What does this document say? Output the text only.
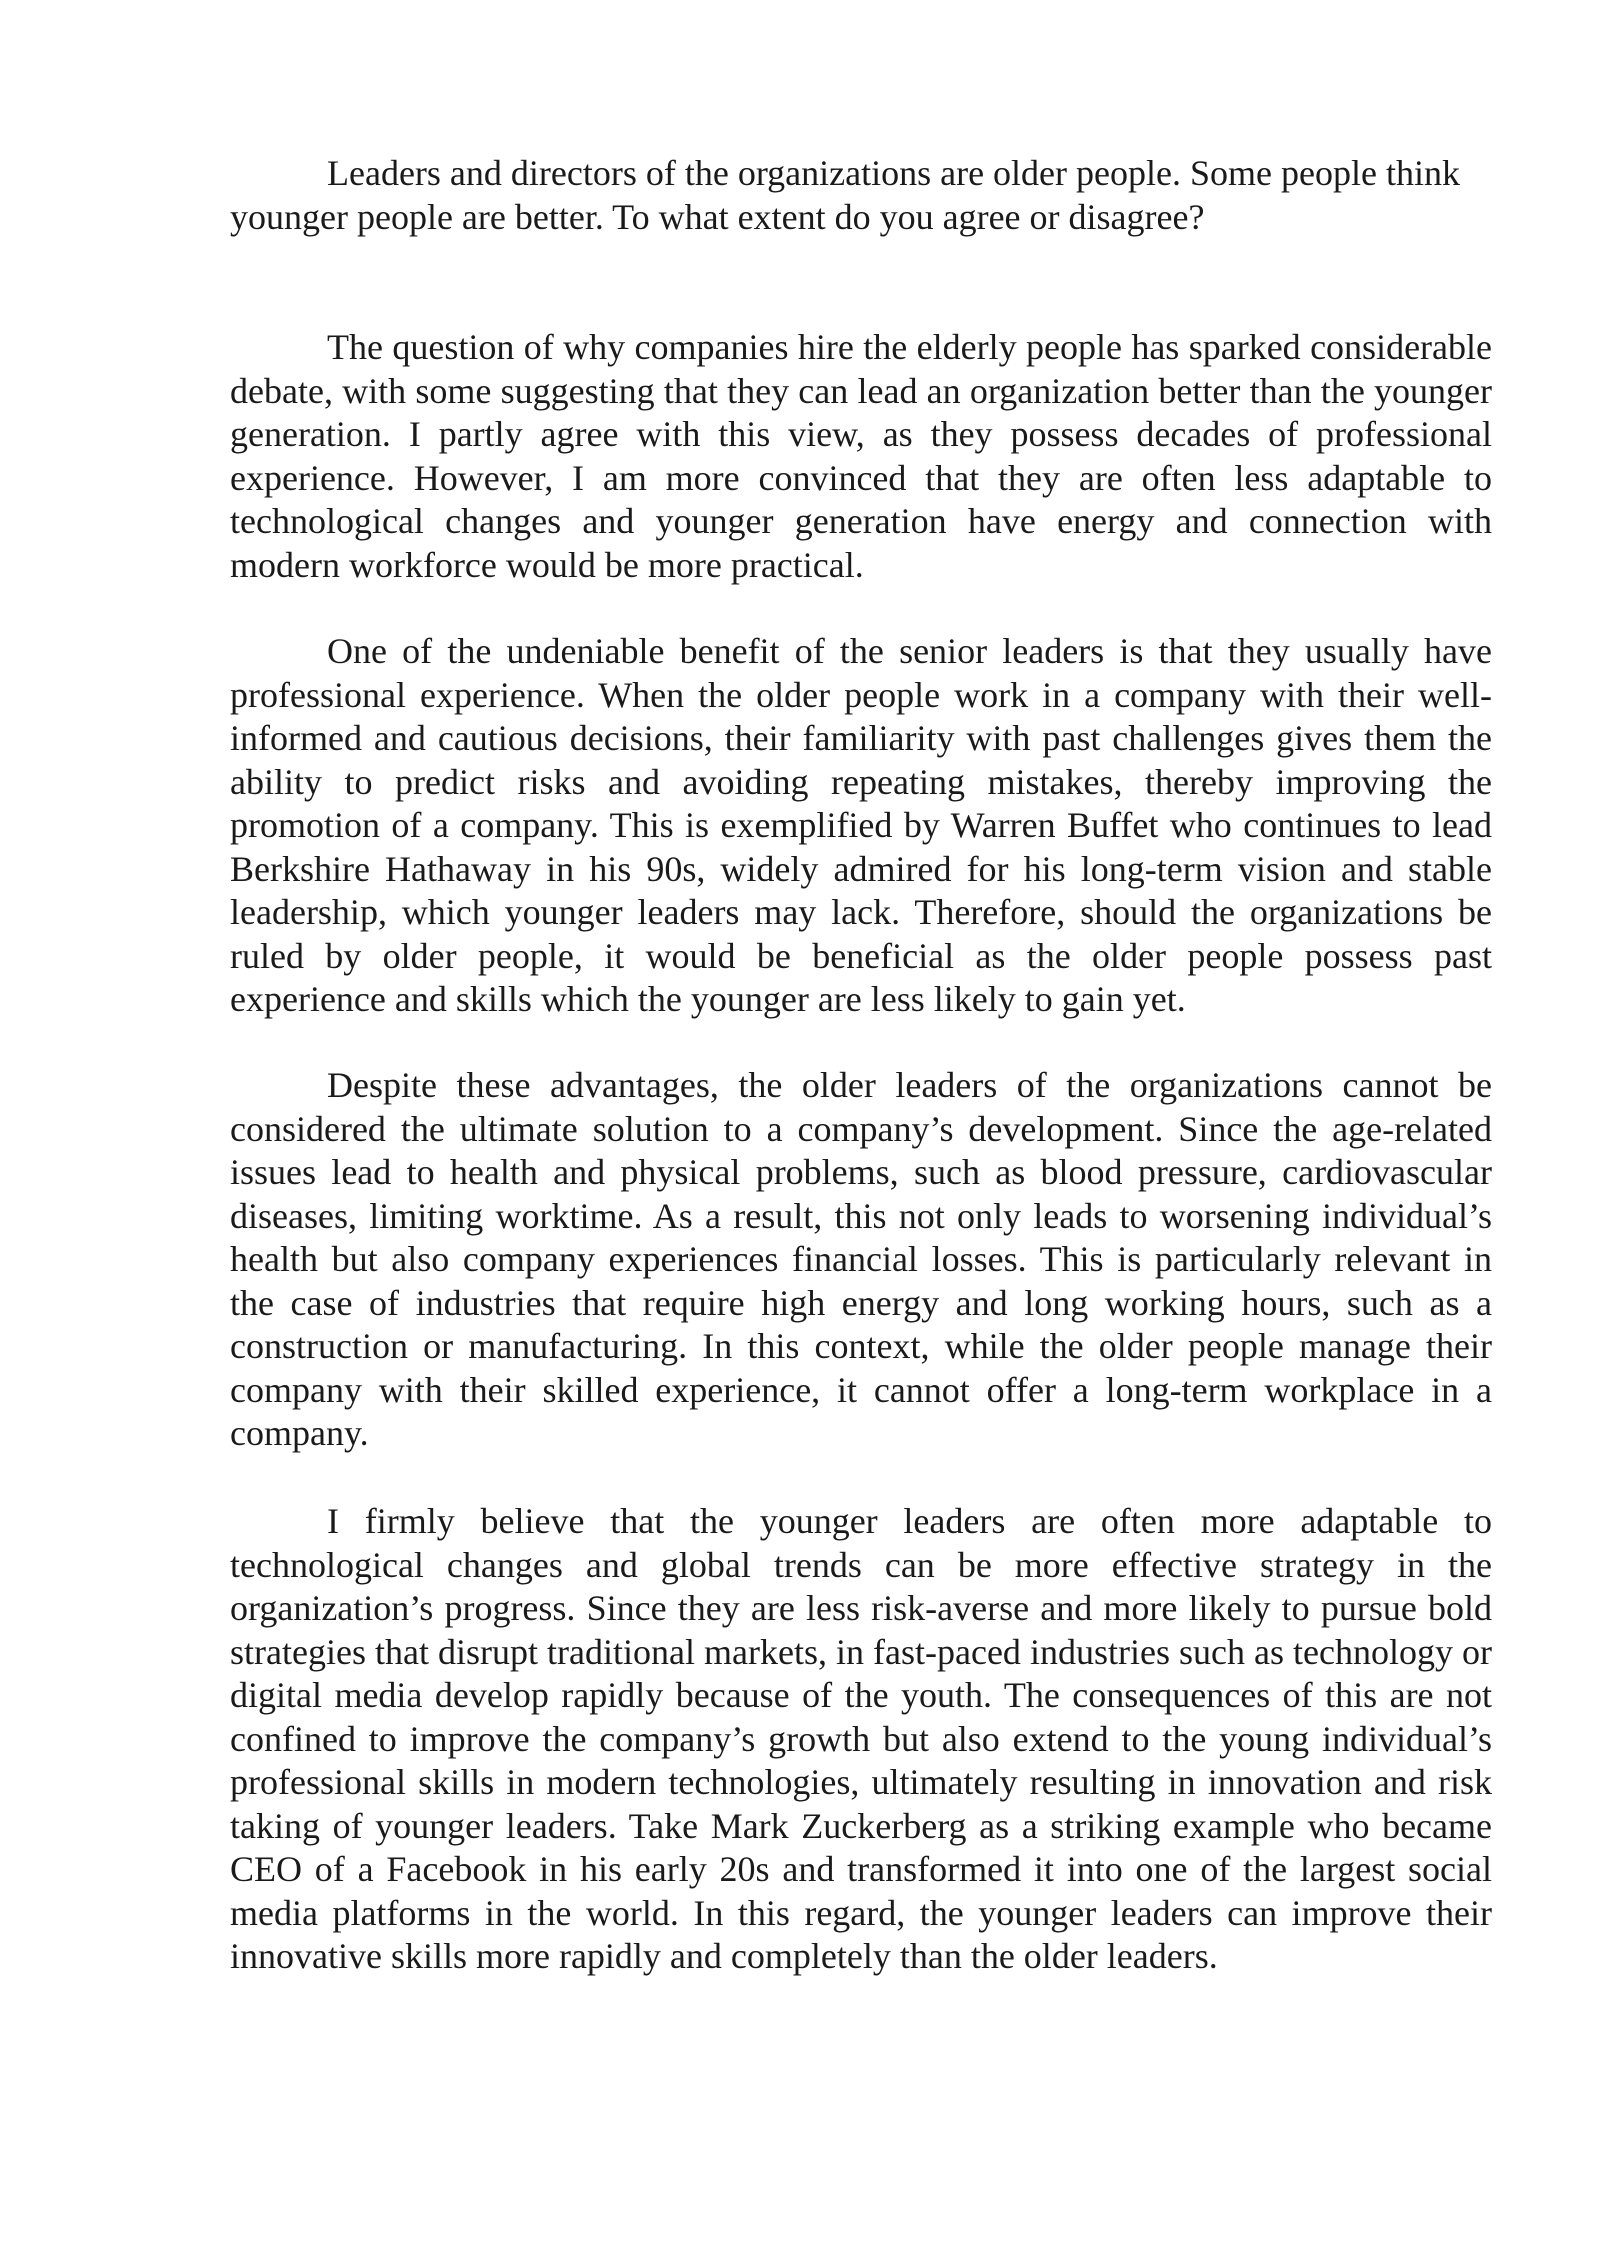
Leaders and directors of the organizations are older people. Some people think younger people are better. To what extent do you agree or disagree?

The question of why companies hire the elderly people has sparked considerable debate, with some suggesting that they can lead an organization better than the younger generation. I partly agree with this view, as they possess decades of professional experience. However, I am more convinced that they are often less adaptable to technological changes and younger generation have energy and connection with modern workforce would be more practical.

One of the undeniable benefit of the senior leaders is that they usually have professional experience. When the older people work in a company with their well-informed and cautious decisions, their familiarity with past challenges gives them the ability to predict risks and avoiding repeating mistakes, thereby improving the promotion of a company. This is exemplified by Warren Buffet who continues to lead Berkshire Hathaway in his 90s, widely admired for his long-term vision and stable leadership, which younger leaders may lack. Therefore, should the organizations be ruled by older people, it would be beneficial as the older people possess past experience and skills which the younger are less likely to gain yet.

Despite these advantages, the older leaders of the organizations cannot be considered the ultimate solution to a company’s development. Since the age-related issues lead to health and physical problems, such as blood pressure, cardiovascular diseases, limiting worktime. As a result, this not only leads to worsening individual’s health but also company experiences financial losses. This is particularly relevant in the case of industries that require high energy and long working hours, such as a construction or manufacturing. In this context, while the older people manage their company with their skilled experience, it cannot offer a long-term workplace in a company.

I firmly believe that the younger leaders are often more adaptable to technological changes and global trends can be more effective strategy in the organization’s progress. Since they are less risk-averse and more likely to pursue bold strategies that disrupt traditional markets, in fast-paced industries such as technology or digital media develop rapidly because of the youth. The consequences of this are not confined to improve the company’s growth but also extend to the young individual’s professional skills in modern technologies, ultimately resulting in innovation and risk taking of younger leaders. Take Mark Zuckerberg as a striking example who became CEO of a Facebook in his early 20s and transformed it into one of the largest social media platforms in the world. In this regard, the younger leaders can improve their innovative skills more rapidly and completely than the older leaders.
